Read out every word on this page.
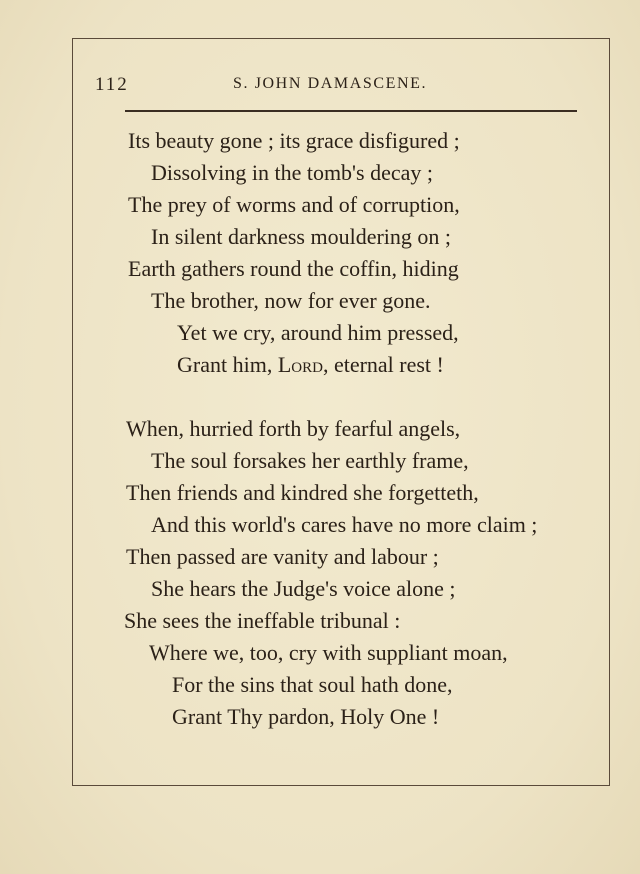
112	S. JOHN DAMASCENE.
Its beauty gone ; its grace disfigured ;
Dissolving in the tomb's decay ;
The prey of worms and of corruption,
In silent darkness mouldering on ;
Earth gathers round the coffin, hiding
The brother, now for ever gone.
Yet we cry, around him pressed,
Grant him, Lord, eternal rest !
When, hurried forth by fearful angels,
The soul forsakes her earthly frame,
Then friends and kindred she forgetteth,
And this world's cares have no more claim ;
Then passed are vanity and labour ;
She hears the Judge's voice alone ;
She sees the ineffable tribunal :
Where we, too, cry with suppliant moan,
For the sins that soul hath done,
Grant Thy pardon, Holy One !
